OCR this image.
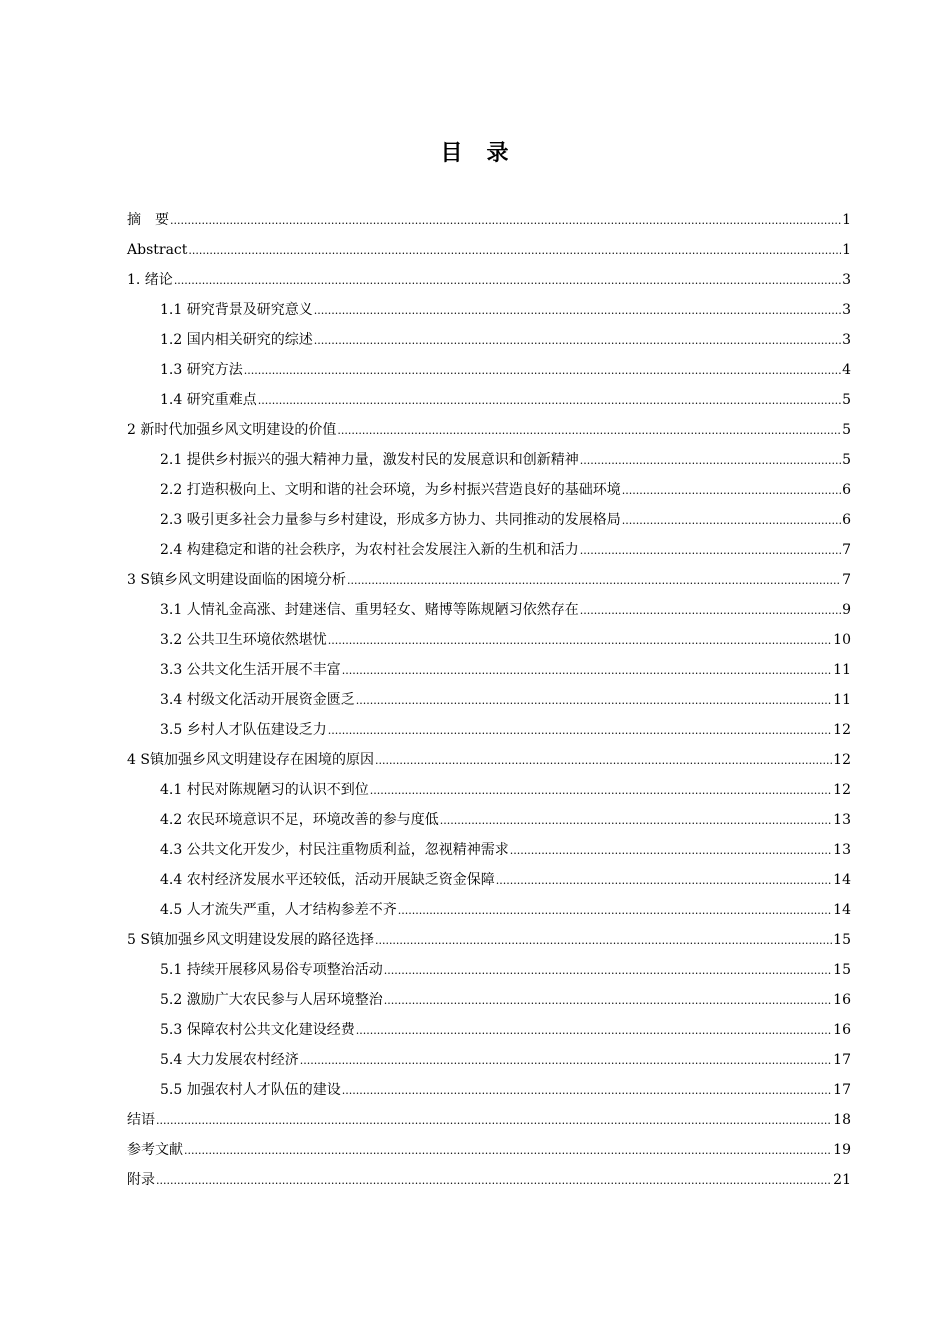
目　录
摘　要 .....	1
Abstract .....	1
1. 绪论 .....	3
1.1 研究背景及研究意义 .....	3
1.2 国内相关研究的综述 .....	3
1.3 研究方法 .....	4
1.4 研究重难点 .....	5
2 新时代加强乡风文明建设的价值 .....	5
2.1 提供乡村振兴的强大精神力量，激发村民的发展意识和创新精神 .....	5
2.2 打造积极向上、文明和谐的社会环境，为乡村振兴营造良好的基础环境 .....	6
2.3 吸引更多社会力量参与乡村建设，形成多方协力、共同推动的发展格局 .....	6
2.4 构建稳定和谐的社会秩序，为农村社会发展注入新的生机和活力 .....	7
3 S镇乡风文明建设面临的困境分析 .....	7
3.1 人情礼金高涨、封建迷信、重男轻女、赌博等陈规陋习依然存在 .....	9
3.2 公共卫生环境依然堪忧 .....	10
3.3 公共文化生活开展不丰富 .....	11
3.4 村级文化活动开展资金匮乏 .....	11
3.5 乡村人才队伍建设乏力 .....	12
4 S镇加强乡风文明建设存在困境的原因 .....	12
4.1 村民对陈规陋习的认识不到位 .....	12
4.2 农民环境意识不足，环境改善的参与度低 .....	13
4.3 公共文化开发少，村民注重物质利益，忽视精神需求 .....	13
4.4 农村经济发展水平还较低，活动开展缺乏资金保障 .....	14
4.5 人才流失严重，人才结构参差不齐 .....	14
5 S镇加强乡风文明建设发展的路径选择 .....	15
5.1 持续开展移风易俗专项整治活动 .....	15
5.2 激励广大农民参与人居环境整治 .....	16
5.3 保障农村公共文化建设经费 .....	16
5.4 大力发展农村经济 .....	17
5.5 加强农村人才队伍的建设 .....	17
结语 .....	18
参考文献 .....	19
附录 .....	21
